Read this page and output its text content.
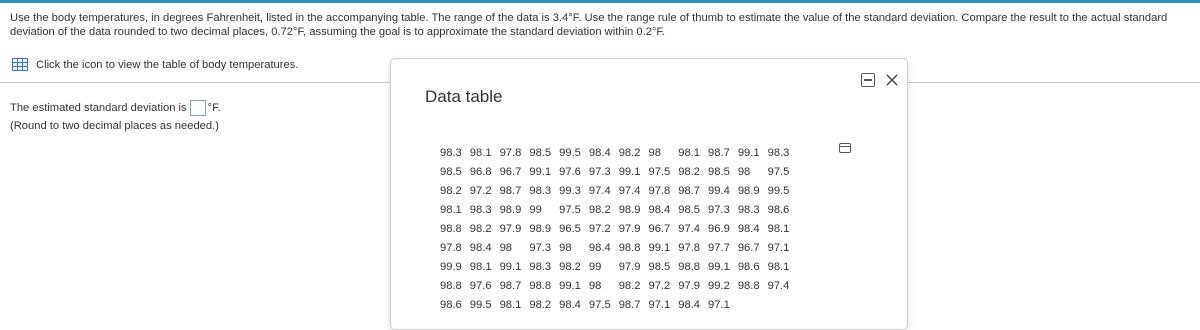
Use the body temperatures, in degrees Fahrenheit, listed in the accompanying table. The range of the data is 3.4°F. Use the range rule of thumb to estimate the value of the standard deviation. Compare the result to the actual standard deviation of the data rounded to two decimal places, 0.72°F, assuming the goal is to approximate the standard deviation within 0.2°F.
Click the icon to view the table of body temperatures.
The estimated standard deviation is °F.
(Round to two decimal places as needed.)
Data table
98.3	98.1	97.8	98.5	99.5	98.4	98.2	98	98.1	98.7	99.1	98.3
98.5	96.8	96.7	99.1	97.6	97.3	99.1	97.5	98.2	98.5	98	97.5
98.2	97.2	98.7	98.3	99.3	97.4	97.4	97.8	98.7	99.4	98.9	99.5
98.1	98.3	98.9	99	97.5	98.2	98.9	98.4	98.5	97.3	98.3	98.6
98.8	98.2	97.9	98.9	96.5	97.2	97.9	96.7	97.4	96.9	98.4	98.1
97.8	98.4	98	97.3	98	98.4	98.8	99.1	97.8	97.7	96.7	97.1
99.9	98.1	99.1	98.3	98.2	99	97.9	98.5	98.8	99.1	98.6	98.1
98.8	97.6	98.7	98.8	99.1	98	98.2	97.2	97.9	99.2	98.8	97.4
98.6	99.5	98.1	98.2	98.4	97.5	98.7	97.1	98.4	97.1		
